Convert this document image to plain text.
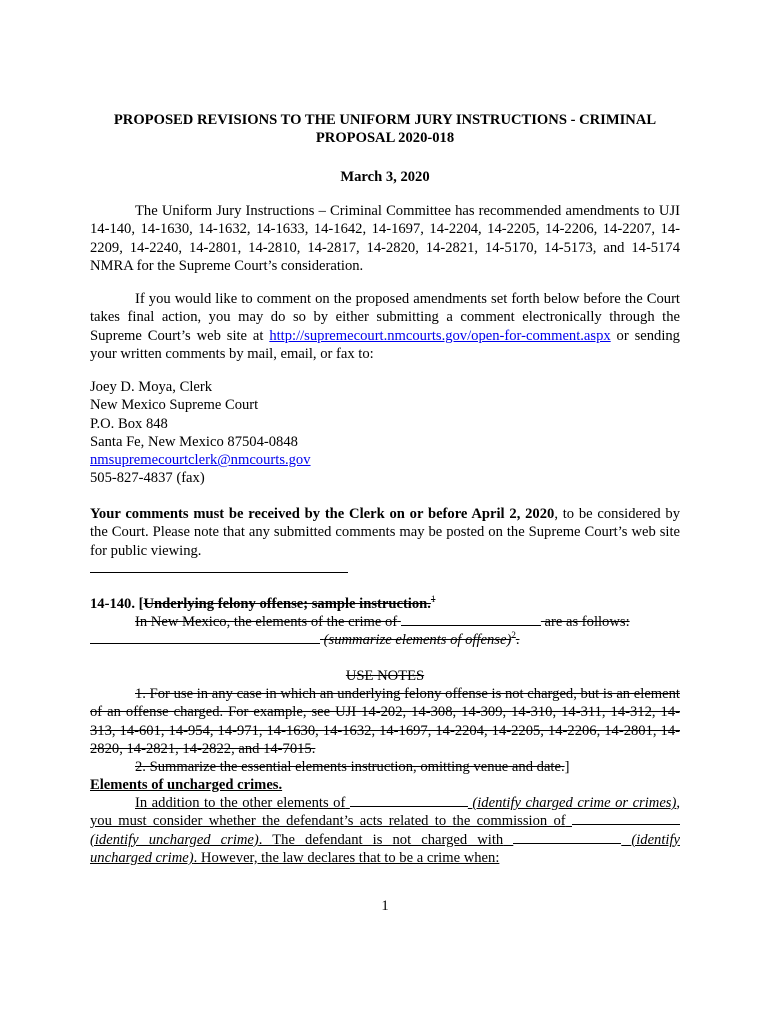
PROPOSED REVISIONS TO THE UNIFORM JURY INSTRUCTIONS - CRIMINAL
PROPOSAL 2020-018
March 3, 2020

The Uniform Jury Instructions – Criminal Committee has recommended amendments to UJI 14-140, 14-1630, 14-1632, 14-1633, 14-1642, 14-1697, 14-2204, 14-2205, 14-2206, 14-2207, 14-2209, 14-2240, 14-2801, 14-2810, 14-2817, 14-2820, 14-2821, 14-5170, 14-5173, and 14-5174 NMRA for the Supreme Court’s consideration.

If you would like to comment on the proposed amendments set forth below before the Court takes final action, you may do so by either submitting a comment electronically through the Supreme Court’s web site at http://supremecourt.nmcourts.gov/open-for-comment.aspx or sending your written comments by mail, email, or fax to:

Joey D. Moya, Clerk
New Mexico Supreme Court
P.O. Box 848
Santa Fe, New Mexico 87504-0848
nmsupremecourtclerk@nmcourts.gov
505-827-4837 (fax)

Your comments must be received by the Clerk on or before April 2, 2020, to be considered by the Court. Please note that any submitted comments may be posted on the Supreme Court’s web site for public viewing.

14-140. [Underlying felony offense; sample instruction.$^1$
In New Mexico, the elements of the crime of	are as follows:
(summarize elements of offense)$^2$.
USE NOTES

1. For use in any case in which an underlying felony offense is not charged, but is an element of an offense charged. For example, see UJI 14-202, 14-308, 14-309, 14-310, 14-311, 14-312, 14-313, 14-601, 14-954, 14-971, 14-1630, 14-1632, 14-1697, 14-2204, 14-2205, 14-2206, 14-2801, 14-2820, 14-2821, 14-2822, and 14-7015.

2. Summarize the essential elements instruction, omitting venue and date.]
Elements of uncharged crimes.

In addition to the other elements of	(identify charged crime or crimes), you must consider whether the defendant’s acts related to the commission of  (identify uncharged crime). The defendant is not charged with	(identify uncharged crime). However, the law declares that to be a crime when:

1
